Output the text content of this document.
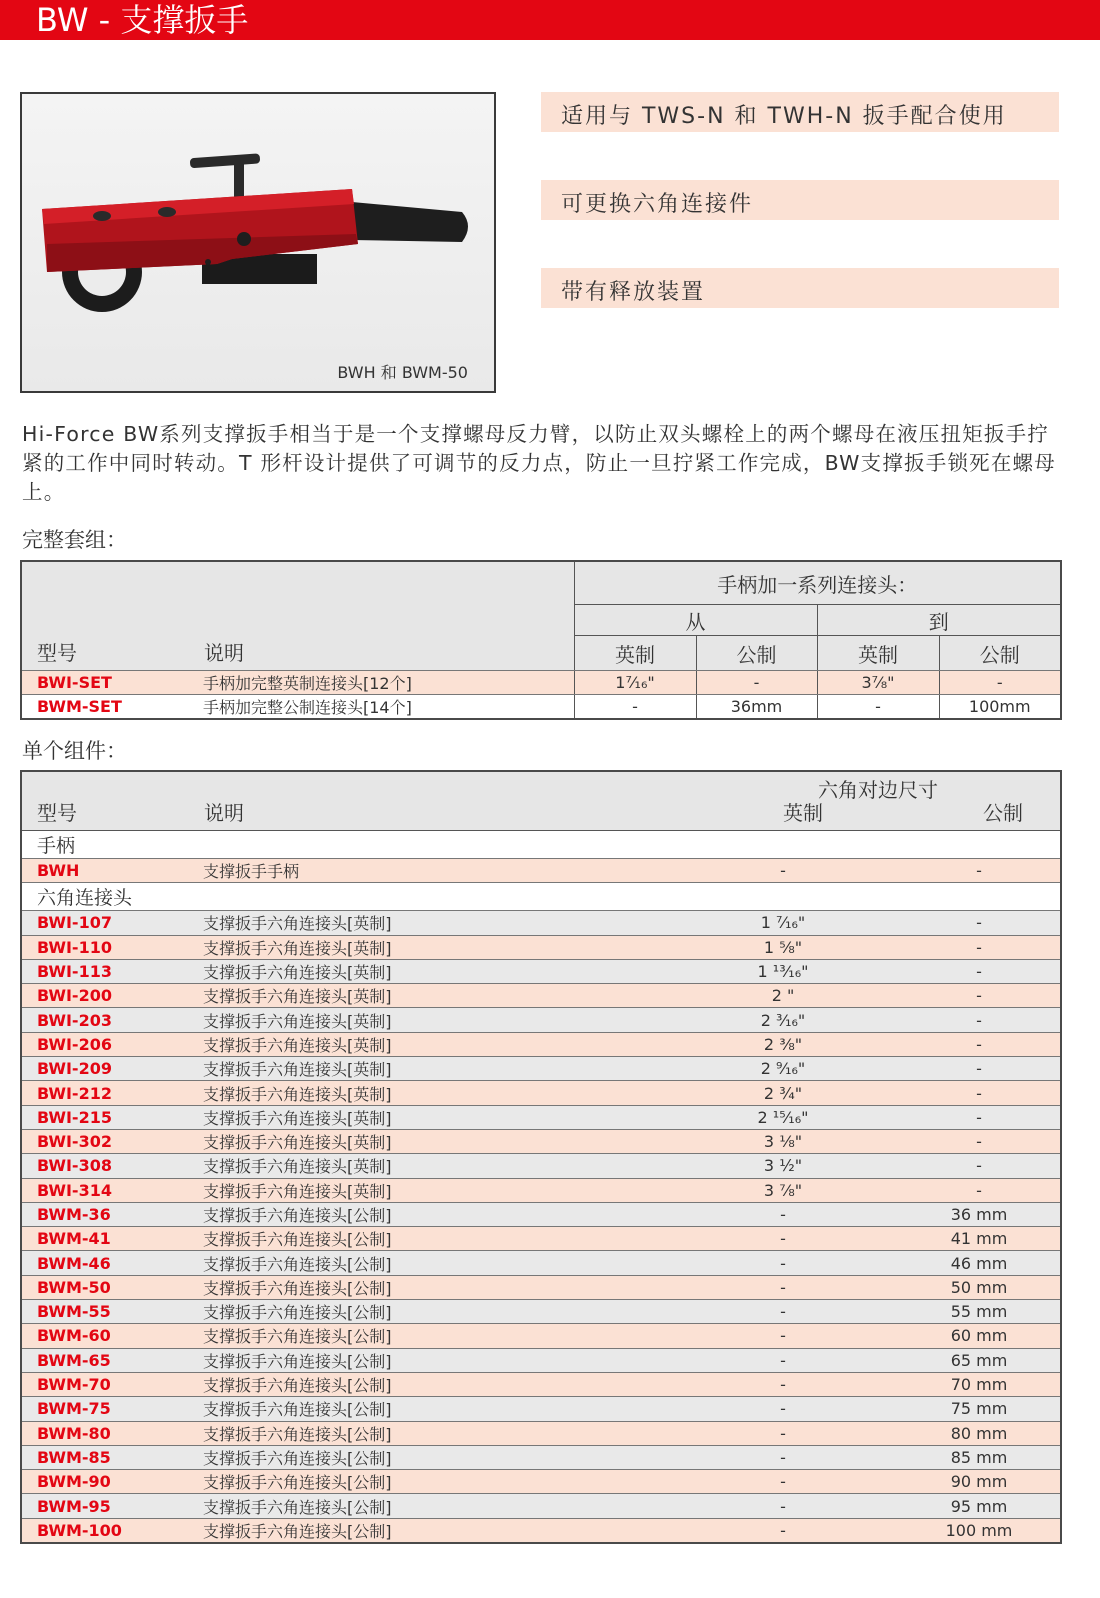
BW - 支撑扳手
BWH 和 BWM-50
适用与 TWS-N 和 TWH-N 扳手配合使用
可更换六角连接件
带有释放装置
Hi-Force BW系列支撑扳手相当于是一个支撑螺母反力臂，以防止双头螺栓上的两个螺母在液压扭矩扳手拧紧的工作中同时转动。T 形杆设计提供了可调节的反力点，防止一旦拧紧工作完成，BW支撑扳手锁死在螺母上。
完整套组：
型号 说明		手柄加一系列连接头：			
		从		到	
		英制	公制	英制	公制
BWI-SET	手柄加完整英制连接头[12个]	1⁷⁄₁₆"	-	3⁷⁄₈"	-
BWM-SET	手柄加完整公制连接头[14个]	-	36mm	-	100mm
单个组件：
型号 说明		六角对边尺寸
英制 公制	

手柄			
BWH	支撑扳手手柄	-	-
六角连接头			
BWI-107	支撑扳手六角连接头[英制]	1 ⁷⁄₁₆"	-
BWI-110	支撑扳手六角连接头[英制]	1 ⅝"	-
BWI-113	支撑扳手六角连接头[英制]	1 ¹³⁄₁₆"	-
BWI-200	支撑扳手六角连接头[英制]	2 "	-
BWI-203	支撑扳手六角连接头[英制]	2 ³⁄₁₆"	-
BWI-206	支撑扳手六角连接头[英制]	2 ⅜"	-
BWI-209	支撑扳手六角连接头[英制]	2 ⁹⁄₁₆"	-
BWI-212	支撑扳手六角连接头[英制]	2 ¾"	-
BWI-215	支撑扳手六角连接头[英制]	2 ¹⁵⁄₁₆"	-
BWI-302	支撑扳手六角连接头[英制]	3 ⅛"	-
BWI-308	支撑扳手六角连接头[英制]	3 ½"	-
BWI-314	支撑扳手六角连接头[英制]	3 ⅞"	-
BWM-36	支撑扳手六角连接头[公制]	-	36 mm
BWM-41	支撑扳手六角连接头[公制]	-	41 mm
BWM-46	支撑扳手六角连接头[公制]	-	46 mm
BWM-50	支撑扳手六角连接头[公制]	-	50 mm
BWM-55	支撑扳手六角连接头[公制]	-	55 mm
BWM-60	支撑扳手六角连接头[公制]	-	60 mm
BWM-65	支撑扳手六角连接头[公制]	-	65 mm
BWM-70	支撑扳手六角连接头[公制]	-	70 mm
BWM-75	支撑扳手六角连接头[公制]	-	75 mm
BWM-80	支撑扳手六角连接头[公制]	-	80 mm
BWM-85	支撑扳手六角连接头[公制]	-	85 mm
BWM-90	支撑扳手六角连接头[公制]	-	90 mm
BWM-95	支撑扳手六角连接头[公制]	-	95 mm
BWM-100	支撑扳手六角连接头[公制]	-	100 mm
